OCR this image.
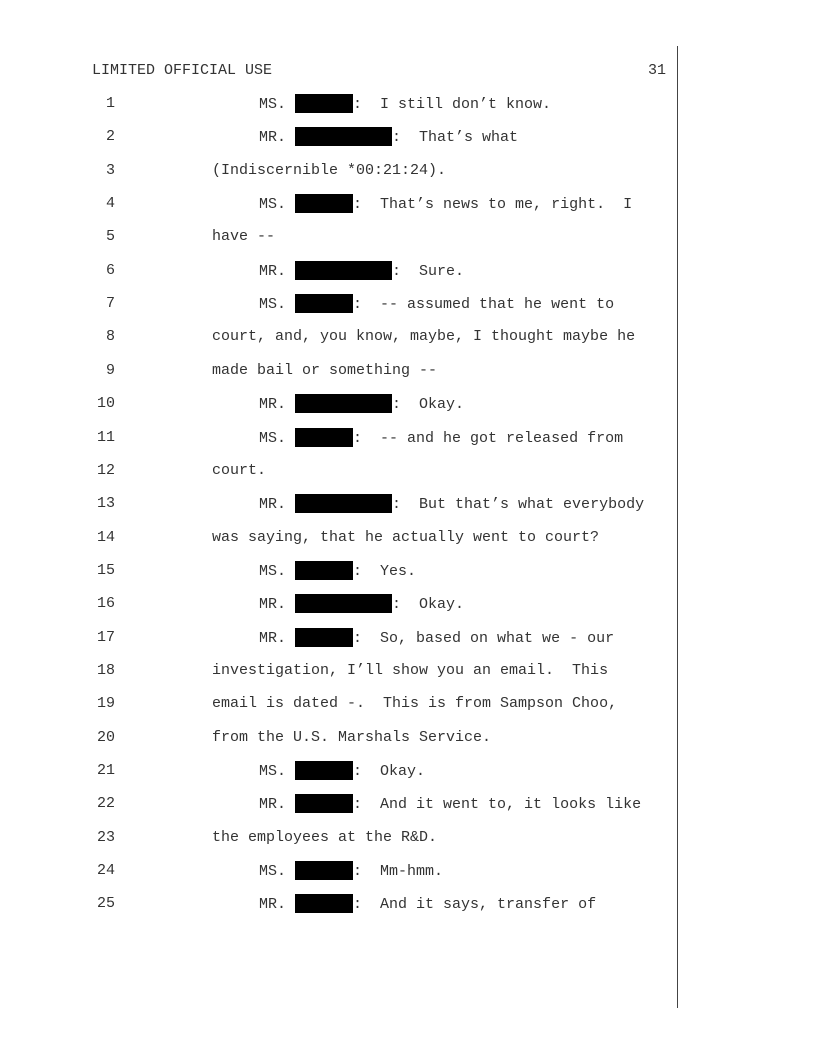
LIMITED OFFICIAL USE	31
1	MS.	:  I still don’t know.
2	MR.	:  That’s what
3	(Indiscernible *00:21:24).
4	MS.	:  That’s news to me, right.  I
5	have --
6	MR.	:  Sure.
7	MS.	:  -- assumed that he went to
8	court, and, you know, maybe, I thought maybe he
9	made bail or something --
10	MR.	:  Okay.
11	MS.	:  -- and he got released from
12	court.
13	MR.	:  But that’s what everybody
14	was saying, that he actually went to court?
15	MS.	:  Yes.
16	MR.	:  Okay.
17	MR.	:  So, based on what we - our
18	investigation, I’ll show you an email.  This
19	email is dated -.  This is from Sampson Choo,
20	from the U.S. Marshals Service.
21	MS.	:  Okay.
22	MR.	:  And it went to, it looks like
23	the employees at the R&D.
24	MS.	:  Mm-hmm.
25	MR.	:  And it says, transfer of
